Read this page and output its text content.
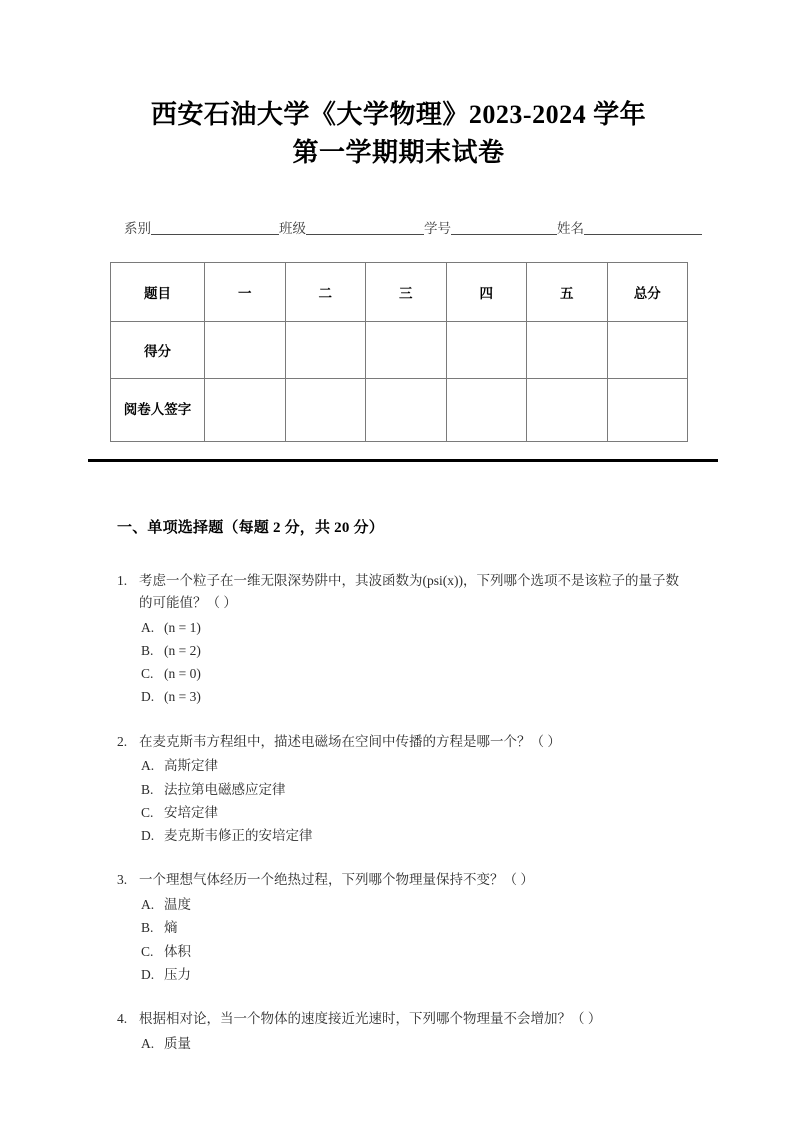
西安石油大学《大学物理》2023-2024 学年
第一学期期末试卷
系别	班级	学号	姓名
题目	一	二	三	四	五	总分
得分						
阅卷人签字						
一、单项选择题（每题 2 分，共 20 分）

1. 考虑一个粒子在一维无限深势阱中，其波函数为(psi(x))，下列哪个选项不是该粒子的量子数的可能值？（ ）

A. (n = 1)
B. (n = 2)
C. (n = 0)
D. (n = 3)

2. 在麦克斯韦方程组中，描述电磁场在空间中传播的方程是哪一个？（ ）

A. 高斯定律
B. 法拉第电磁感应定律
C. 安培定律
D. 麦克斯韦修正的安培定律

3. 一个理想气体经历一个绝热过程，下列哪个物理量保持不变？（ ）

A. 温度
B. 熵
C. 体积
D. 压力

4. 根据相对论，当一个物体的速度接近光速时，下列哪个物理量不会增加？（ ）

A. 质量
